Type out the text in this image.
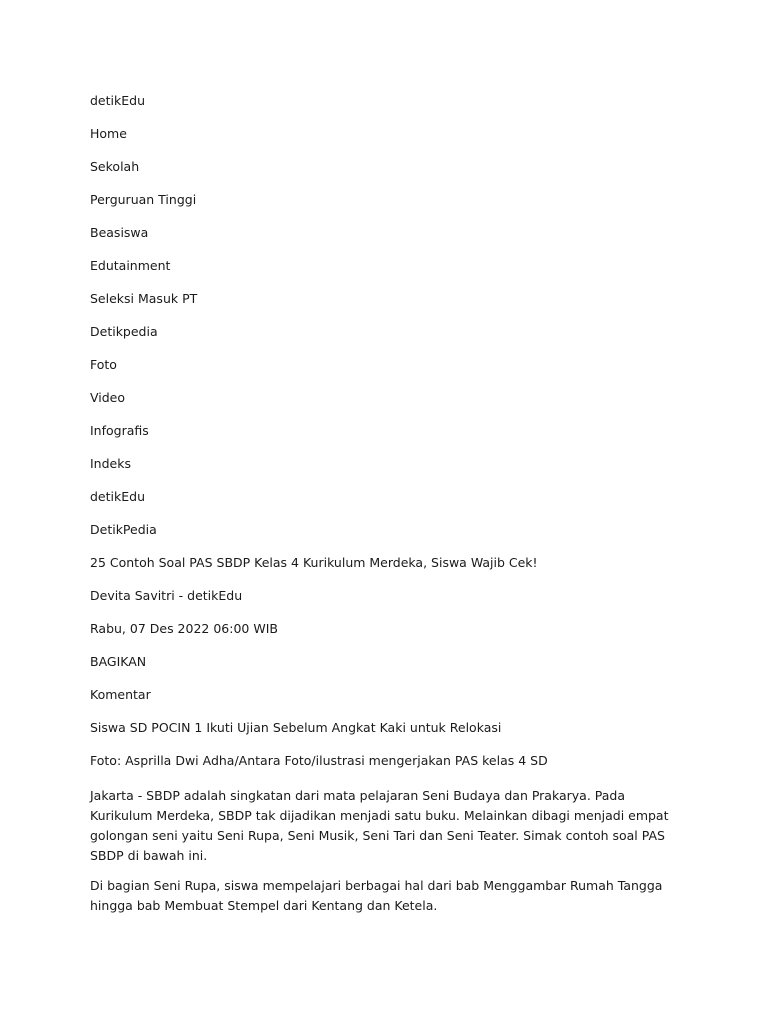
detikEdu
Home
Sekolah
Perguruan Tinggi
Beasiswa
Edutainment
Seleksi Masuk PT
Detikpedia
Foto
Video
Infografis
Indeks
detikEdu
DetikPedia
25 Contoh Soal PAS SBDP Kelas 4 Kurikulum Merdeka, Siswa Wajib Cek!
Devita Savitri - detikEdu
Rabu, 07 Des 2022 06:00 WIB
BAGIKAN
Komentar
Siswa SD POCIN 1 Ikuti Ujian Sebelum Angkat Kaki untuk Relokasi
Foto: Asprilla Dwi Adha/Antara Foto/ilustrasi mengerjakan PAS kelas 4 SD

Jakarta - SBDP adalah singkatan dari mata pelajaran Seni Budaya dan Prakarya. Pada Kurikulum Merdeka, SBDP tak dijadikan menjadi satu buku. Melainkan dibagi menjadi empat golongan seni yaitu Seni Rupa, Seni Musik, Seni Tari dan Seni Teater. Simak contoh soal PAS SBDP di bawah ini.

Di bagian Seni Rupa, siswa mempelajari berbagai hal dari bab Menggambar Rumah Tangga hingga bab Membuat Stempel dari Kentang dan Ketela.
